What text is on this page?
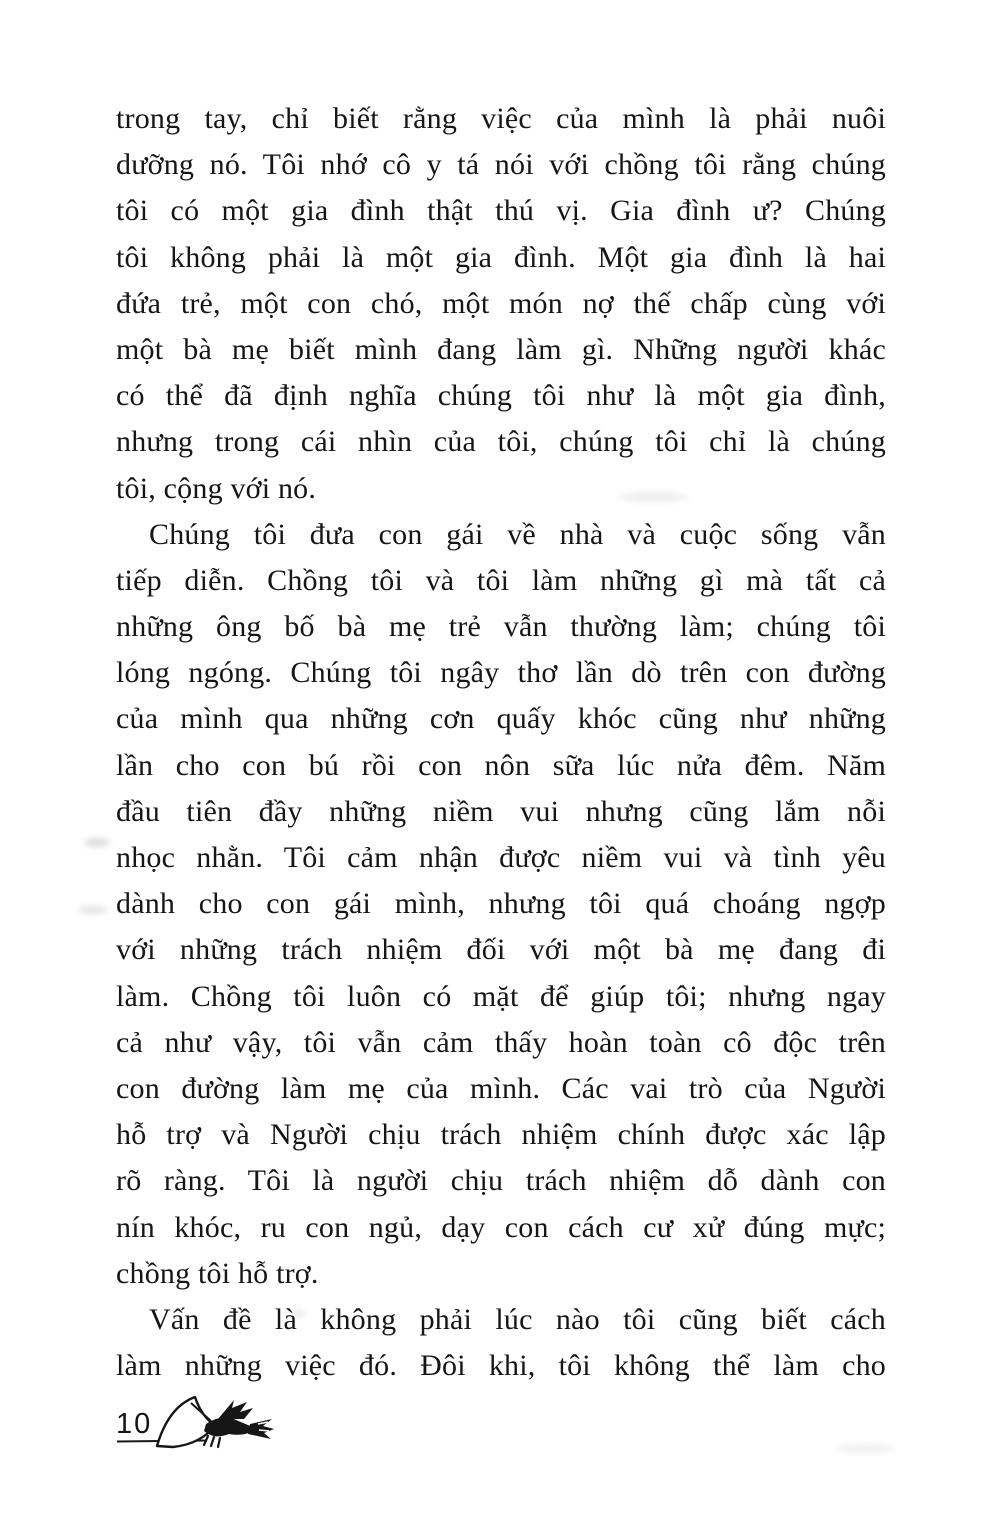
trong tay, chỉ biết rằng việc của mình là phải nuôi
dưỡng nó. Tôi nhớ cô y tá nói với chồng tôi rằng chúng
tôi có một gia đình thật thú vị. Gia đình ư? Chúng
tôi không phải là một gia đình. Một gia đình là hai
đứa trẻ, một con chó, một món nợ thế chấp cùng với
một bà mẹ biết mình đang làm gì. Những người khác
có thể đã định nghĩa chúng tôi như là một gia đình,
nhưng trong cái nhìn của tôi, chúng tôi chỉ là chúng
tôi, cộng với nó.
Chúng tôi đưa con gái về nhà và cuộc sống vẫn
tiếp diễn. Chồng tôi và tôi làm những gì mà tất cả
những ông bố bà mẹ trẻ vẫn thường làm; chúng tôi
lóng ngóng. Chúng tôi ngây thơ lần dò trên con đường
của mình qua những cơn quấy khóc cũng như những
lần cho con bú rồi con nôn sữa lúc nửa đêm. Năm
đầu tiên đầy những niềm vui nhưng cũng lắm nỗi
nhọc nhằn. Tôi cảm nhận được niềm vui và tình yêu
dành cho con gái mình, nhưng tôi quá choáng ngợp
với những trách nhiệm đối với một bà mẹ đang đi
làm. Chồng tôi luôn có mặt để giúp tôi; nhưng ngay
cả như vậy, tôi vẫn cảm thấy hoàn toàn cô độc trên
con đường làm mẹ của mình. Các vai trò của Người
hỗ trợ và Người chịu trách nhiệm chính được xác lập
rõ ràng. Tôi là người chịu trách nhiệm dỗ dành con
nín khóc, ru con ngủ, dạy con cách cư xử đúng mực;
chồng tôi hỗ trợ.
Vấn đề là không phải lúc nào tôi cũng biết cách
làm những việc đó. Đôi khi, tôi không thể làm cho
10
